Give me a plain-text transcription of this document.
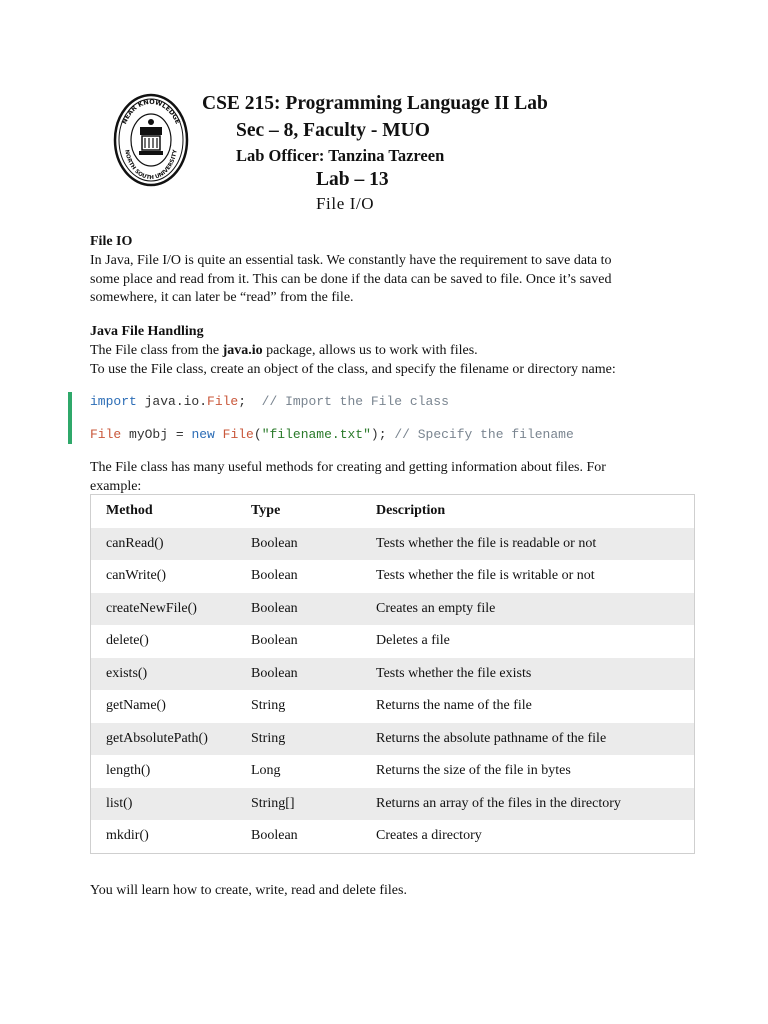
NEAR KNOWLEDGE
NORTH SOUTH UNIVERSITY
CSE 215: Programming Language II Lab
Sec – 8, Faculty - MUO
Lab Officer: Tanzina Tazreen
Lab – 13
File I/O
File IO
In Java, File I/O is quite an essential task. We constantly have the requirement to save data to
some place and read from it. This can be done if the data can be saved to file. Once it’s saved
somewhere, it can later be “read” from the file.
Java File Handling
The File class from the java.io package, allows us to work with files.
To use the File class, create an object of the class, and specify the filename or directory name:
import java.io.File;  // Import the File class
File myObj = new File("filename.txt"); // Specify the filename
The File class has many useful methods for creating and getting information about files. For
example:
Method	Type	Description
canRead()	Boolean	Tests whether the file is readable or not
canWrite()	Boolean	Tests whether the file is writable or not
createNewFile()	Boolean	Creates an empty file
delete()	Boolean	Deletes a file
exists()	Boolean	Tests whether the file exists
getName()	String	Returns the name of the file
getAbsolutePath()	String	Returns the absolute pathname of the file
length()	Long	Returns the size of the file in bytes
list()	String[]	Returns an array of the files in the directory
mkdir()	Boolean	Creates a directory
You will learn how to create, write, read and delete files.
